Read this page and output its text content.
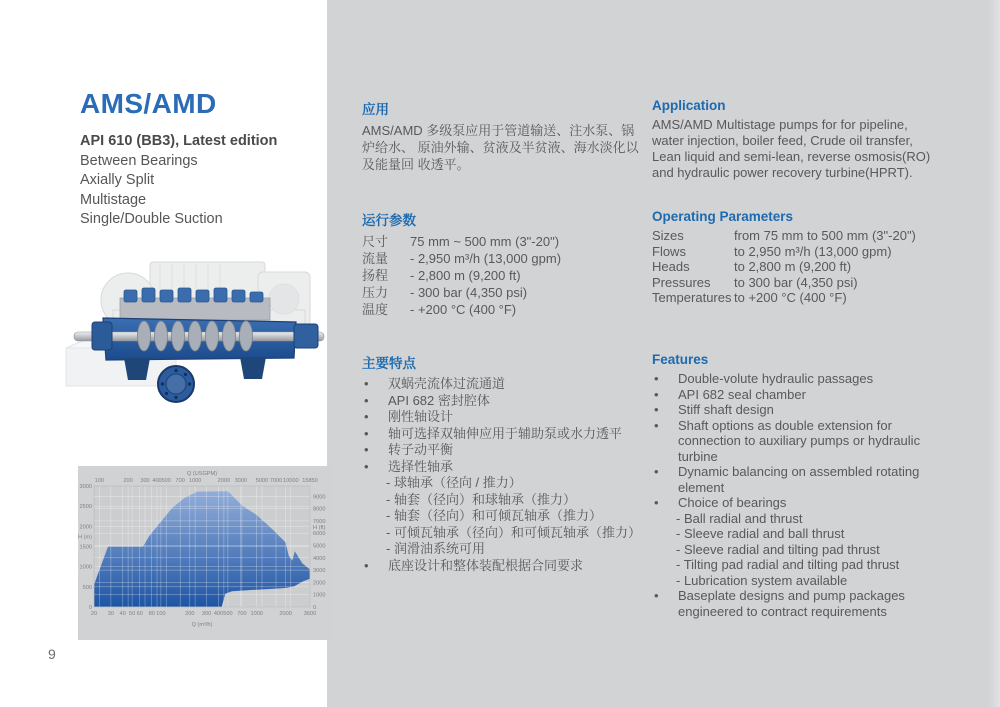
AMS/AMD
API 610 (BB3), Latest edition
Between Bearings
Axially Split
Multistage
Single/Double Suction
Q (USGPM)
100	200 300 400 500 700 1000	2000 3000 5000 7000 10000 15850
20 30 40 50 60 80 100	200 300 400 500 700 1000	2000 3600
Q (m³/h)
0
500
1000
1500
2000
2500
3000
H (m)
0
1000
2000
3000
4000
5000
6000
7000
8000
9000
H (ft)
9
应用
AMS/AMD 多级泵应用于管道输送、注水泵、锅炉给水、 原油外输、贫液及半贫液、海水淡化以及能量回 收透平。
运行参数
尺寸	75 mm ~ 500 mm (3"-20")
流量	- 2,950 m³/h (13,000 gpm)
扬程	- 2,800 m (9,200 ft)
压力	- 300 bar (4,350 psi)
温度	- +200 °C (400 °F)
主要特点
•	双蜗壳流体过流通道
•	API 682 密封腔体
•	刚性轴设计
•	轴可选择双轴伸应用于辅助泵或水力透平
•	转子动平衡
•	选择性轴承
- 球轴承（径向 / 推力）
- 轴套（径向）和球轴承（推力）
- 轴套（径向）和可倾瓦轴承（推力）
- 可倾瓦轴承（径向）和可倾瓦轴承（推力）
- 润滑油系统可用
•	底座设计和整体装配根据合同要求
Application
AMS/AMD Multistage pumps for for pipeline, water injection, boiler feed, Crude oil transfer, Lean liquid and semi-lean, reverse osmosis(RO) and hydraulic power recovery turbine(HPRT).
Operating Parameters
Sizes	from 75 mm to 500 mm (3"-20")
Flows	to 2,950 m³/h (13,000 gpm)
Heads	to 2,800 m (9,200 ft)
Pressures	to 300 bar (4,350 psi)
Temperatures to +200 °C (400 °F)
Features
•	Double-volute hydraulic passages
•	API 682 seal chamber
•	Stiff shaft design
•	Shaft options as double extension for connection to auxiliary pumps or hydraulic turbine
•	Dynamic balancing on assembled rotating element
•	Choice of bearings
- Ball radial and thrust
- Sleeve radial and ball thrust
- Sleeve radial and tilting pad thrust
- Tilting pad radial and tilting pad thrust
- Lubrication system available
•	Baseplate designs and pump packages engineered to contract requirements
